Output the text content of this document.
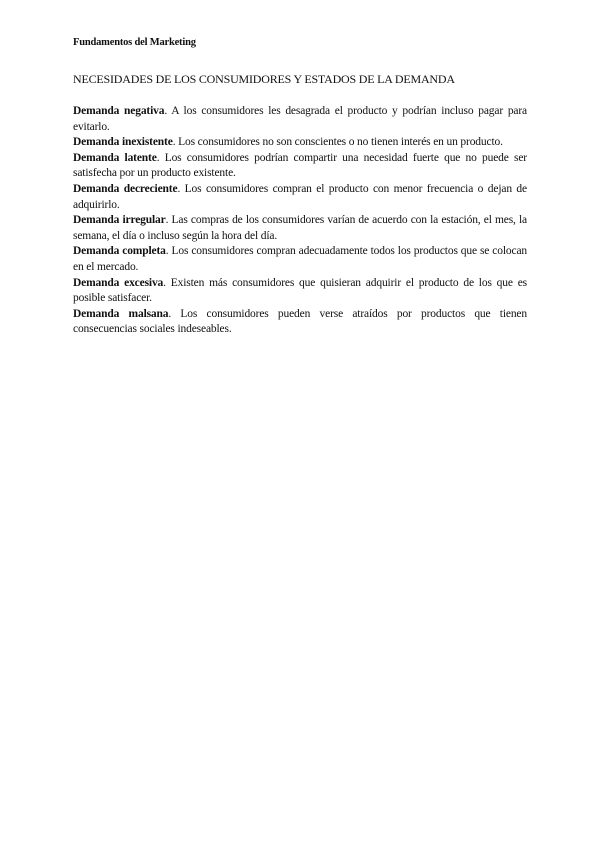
Fundamentos del Marketing
NECESIDADES DE LOS CONSUMIDORES Y ESTADOS DE LA DEMANDA

Demanda negativa. A los consumidores les desagrada el producto y podrían incluso pagar para evitarlo.

Demanda inexistente. Los consumidores no son conscientes o no tienen interés en un producto.

Demanda latente. Los consumidores podrían compartir una necesidad fuerte que no puede ser satisfecha por un producto existente.

Demanda decreciente. Los consumidores compran el producto con menor frecuencia o dejan de adquirirlo.

Demanda irregular. Las compras de los consumidores varían de acuerdo con la estación, el mes, la semana, el día o incluso según la hora del día.

Demanda completa. Los consumidores compran adecuadamente todos los productos que se colocan en el mercado.

Demanda excesiva. Existen más consumidores que quisieran adquirir el producto de los que es posible satisfacer.

Demanda malsana. Los consumidores pueden verse atraídos por productos que tienen consecuencias sociales indeseables.
